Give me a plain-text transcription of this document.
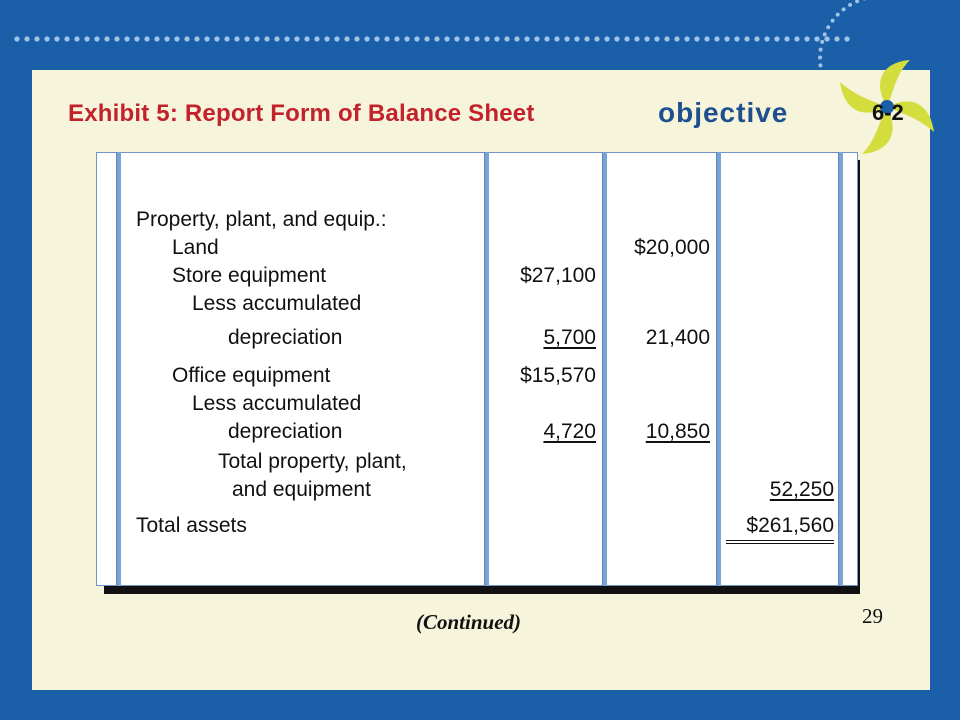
Exhibit 5: Report Form of Balance Sheet	objective	6-2
Property, plant, and equip.:
Land
Store equipment
Less accumulated
depreciation
Office equipment
Less accumulated
depreciation
Total property, plant,
and equipment
Total assets
$20,000
21,400
10,850
$27,100
5,700
$15,570
4,720
52,250
$261,560
29
(Continued)
